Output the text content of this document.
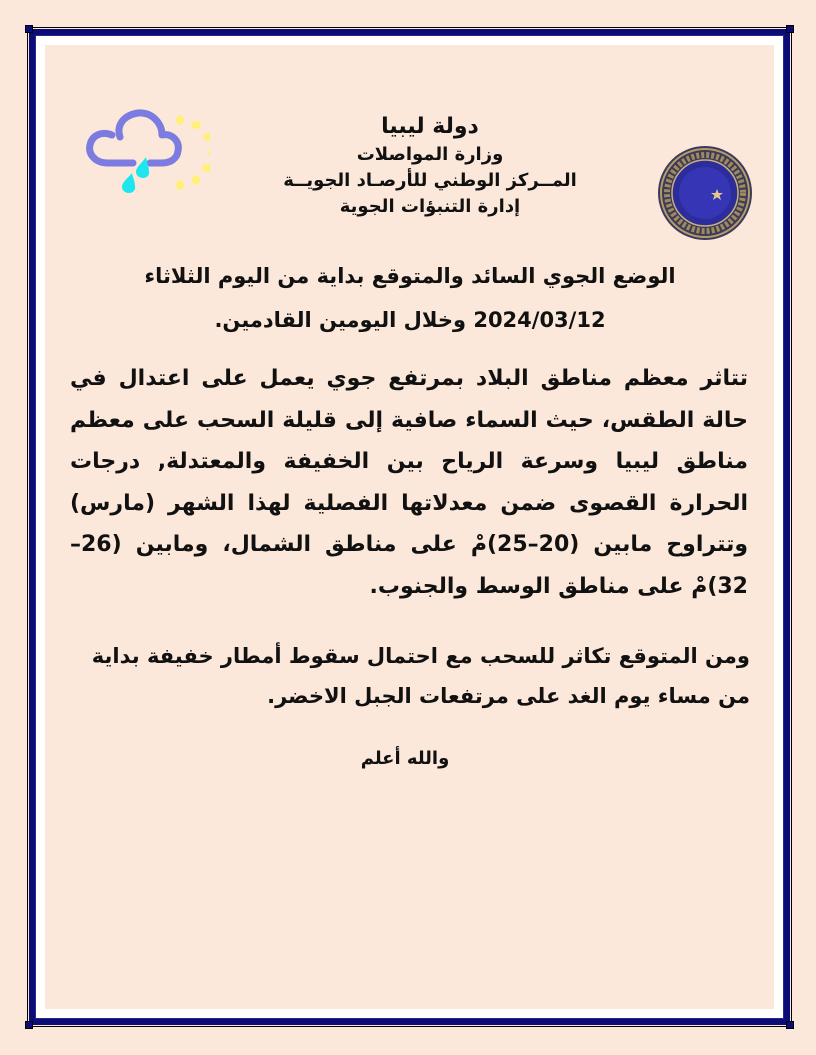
دولة ليبيا
وزارة المواصلات
المــركز الوطني للأرصـاد الجويــة
إدارة التنبؤات الجوية
الوضع الجوي السائد والمتوقع بداية من اليوم الثلاثاء
2024/03/12 وخلال اليومين القادمين.
تتاثر معظم مناطق البلاد بمرتفع جوي يعمل على اعتدال في حالة الطقس، حيث السماء صافية إلى قليلة السحب على معظم مناطق ليبيا وسرعة الرياح بين الخفيفة والمعتدلة, درجات الحرارة القصوى ضمن معدلاتها الفصلية لهذا الشهر (مارس) وتتراوح مابين (20–25)مْ على مناطق الشمال، ومابين (26–32)مْ على مناطق الوسط والجنوب.
ومن المتوقع تكاثر للسحب مع احتمال سقوط أمطار خفيفة بداية من مساء يوم الغد على مرتفعات الجبل الاخضر.
والله أعلم
